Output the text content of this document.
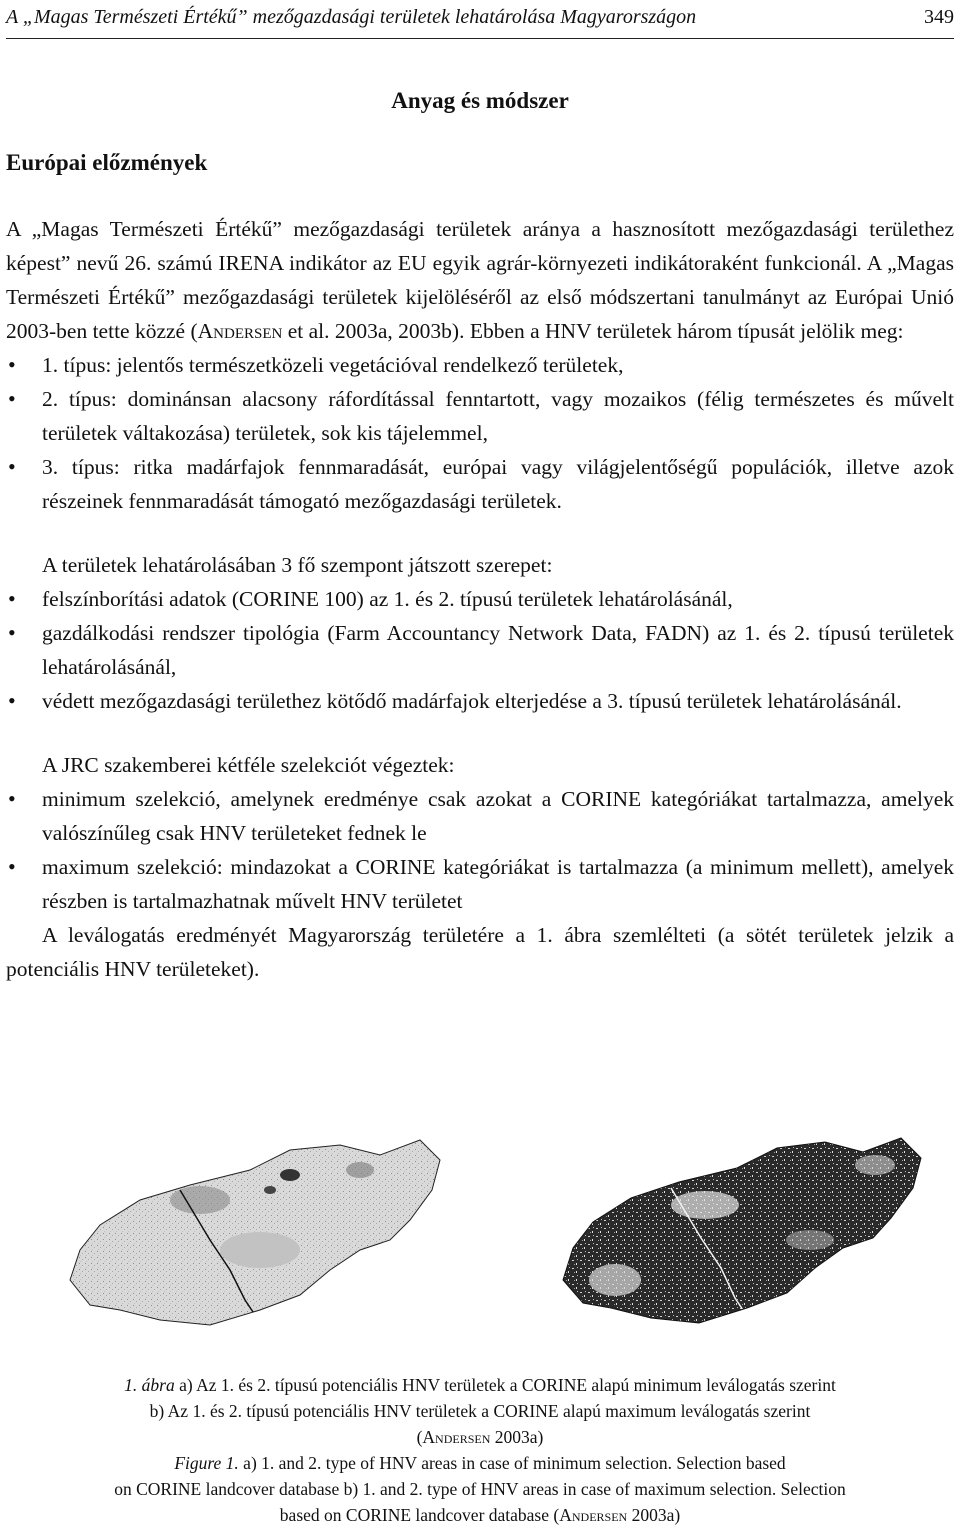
A „Magas Természeti Értékű” mezőgazdasági területek lehatárolása Magyarországon	349
Anyag és módszer
Európai előzmények

A „Magas Természeti Értékű” mezőgazdasági területek aránya a hasznosított mezőgazdasági területhez képest” nevű 26. számú IRENA indikátor az EU egyik agrár-környezeti indikátoraként funkcionál. A „Magas Természeti Értékű” mezőgazdasági területek kijelöléséről az első módszertani tanulmányt az Európai Unió 2003-ben tette közzé (Andersen et al. 2003a, 2003b). Ebben a HNV területek három típusát jelölik meg:

• 1. típus: jelentős természetközeli vegetációval rendelkező területek,
• 2. típus: dominánsan alacsony ráfordítással fenntartott, vagy mozaikos (félig természetes és művelt területek váltakozása) területek, sok kis tájelemmel,
• 3. típus: ritka madárfajok fennmaradását, európai vagy világjelentőségű populációk, illetve azok részeinek fennmaradását támogató mezőgazdasági területek.

A területek lehatárolásában 3 fő szempont játszott szerepet:

• felszínborítási adatok (CORINE 100) az 1. és 2. típusú területek lehatárolásánál,
• gazdálkodási rendszer tipológia (Farm Accountancy Network Data, FADN) az 1. és 2. típusú területek lehatárolásánál,
• védett mezőgazdasági területhez kötődő madárfajok elterjedése a 3. típusú területek lehatárolásánál.

A JRC szakemberei kétféle szelekciót végeztek:

• minimum szelekció, amelynek eredménye csak azokat a CORINE kategóriákat tartalmazza, amelyek valószínűleg csak HNV területeket fednek le
• maximum szelekció: mindazokat a CORINE kategóriákat is tartalmazza (a minimum mellett), amelyek részben is tartalmazhatnak művelt HNV területet

A leválogatás eredményét Magyarország területére a 1. ábra szemlélteti (a sötét területek jelzik a potenciális HNV területeket).

1. ábra a) Az 1. és 2. típusú potenciális HNV területek a CORINE alapú minimum leválogatás szerint

b) Az 1. és 2. típusú potenciális HNV területek a CORINE alapú maximum leválogatás szerint

(Andersen 2003a)

Figure 1. a) 1. and 2. type of HNV areas in case of minimum selection. Selection based

on CORINE landcover database b) 1. and 2. type of HNV areas in case of maximum selection. Selection

based on CORINE landcover database (Andersen 2003a)
